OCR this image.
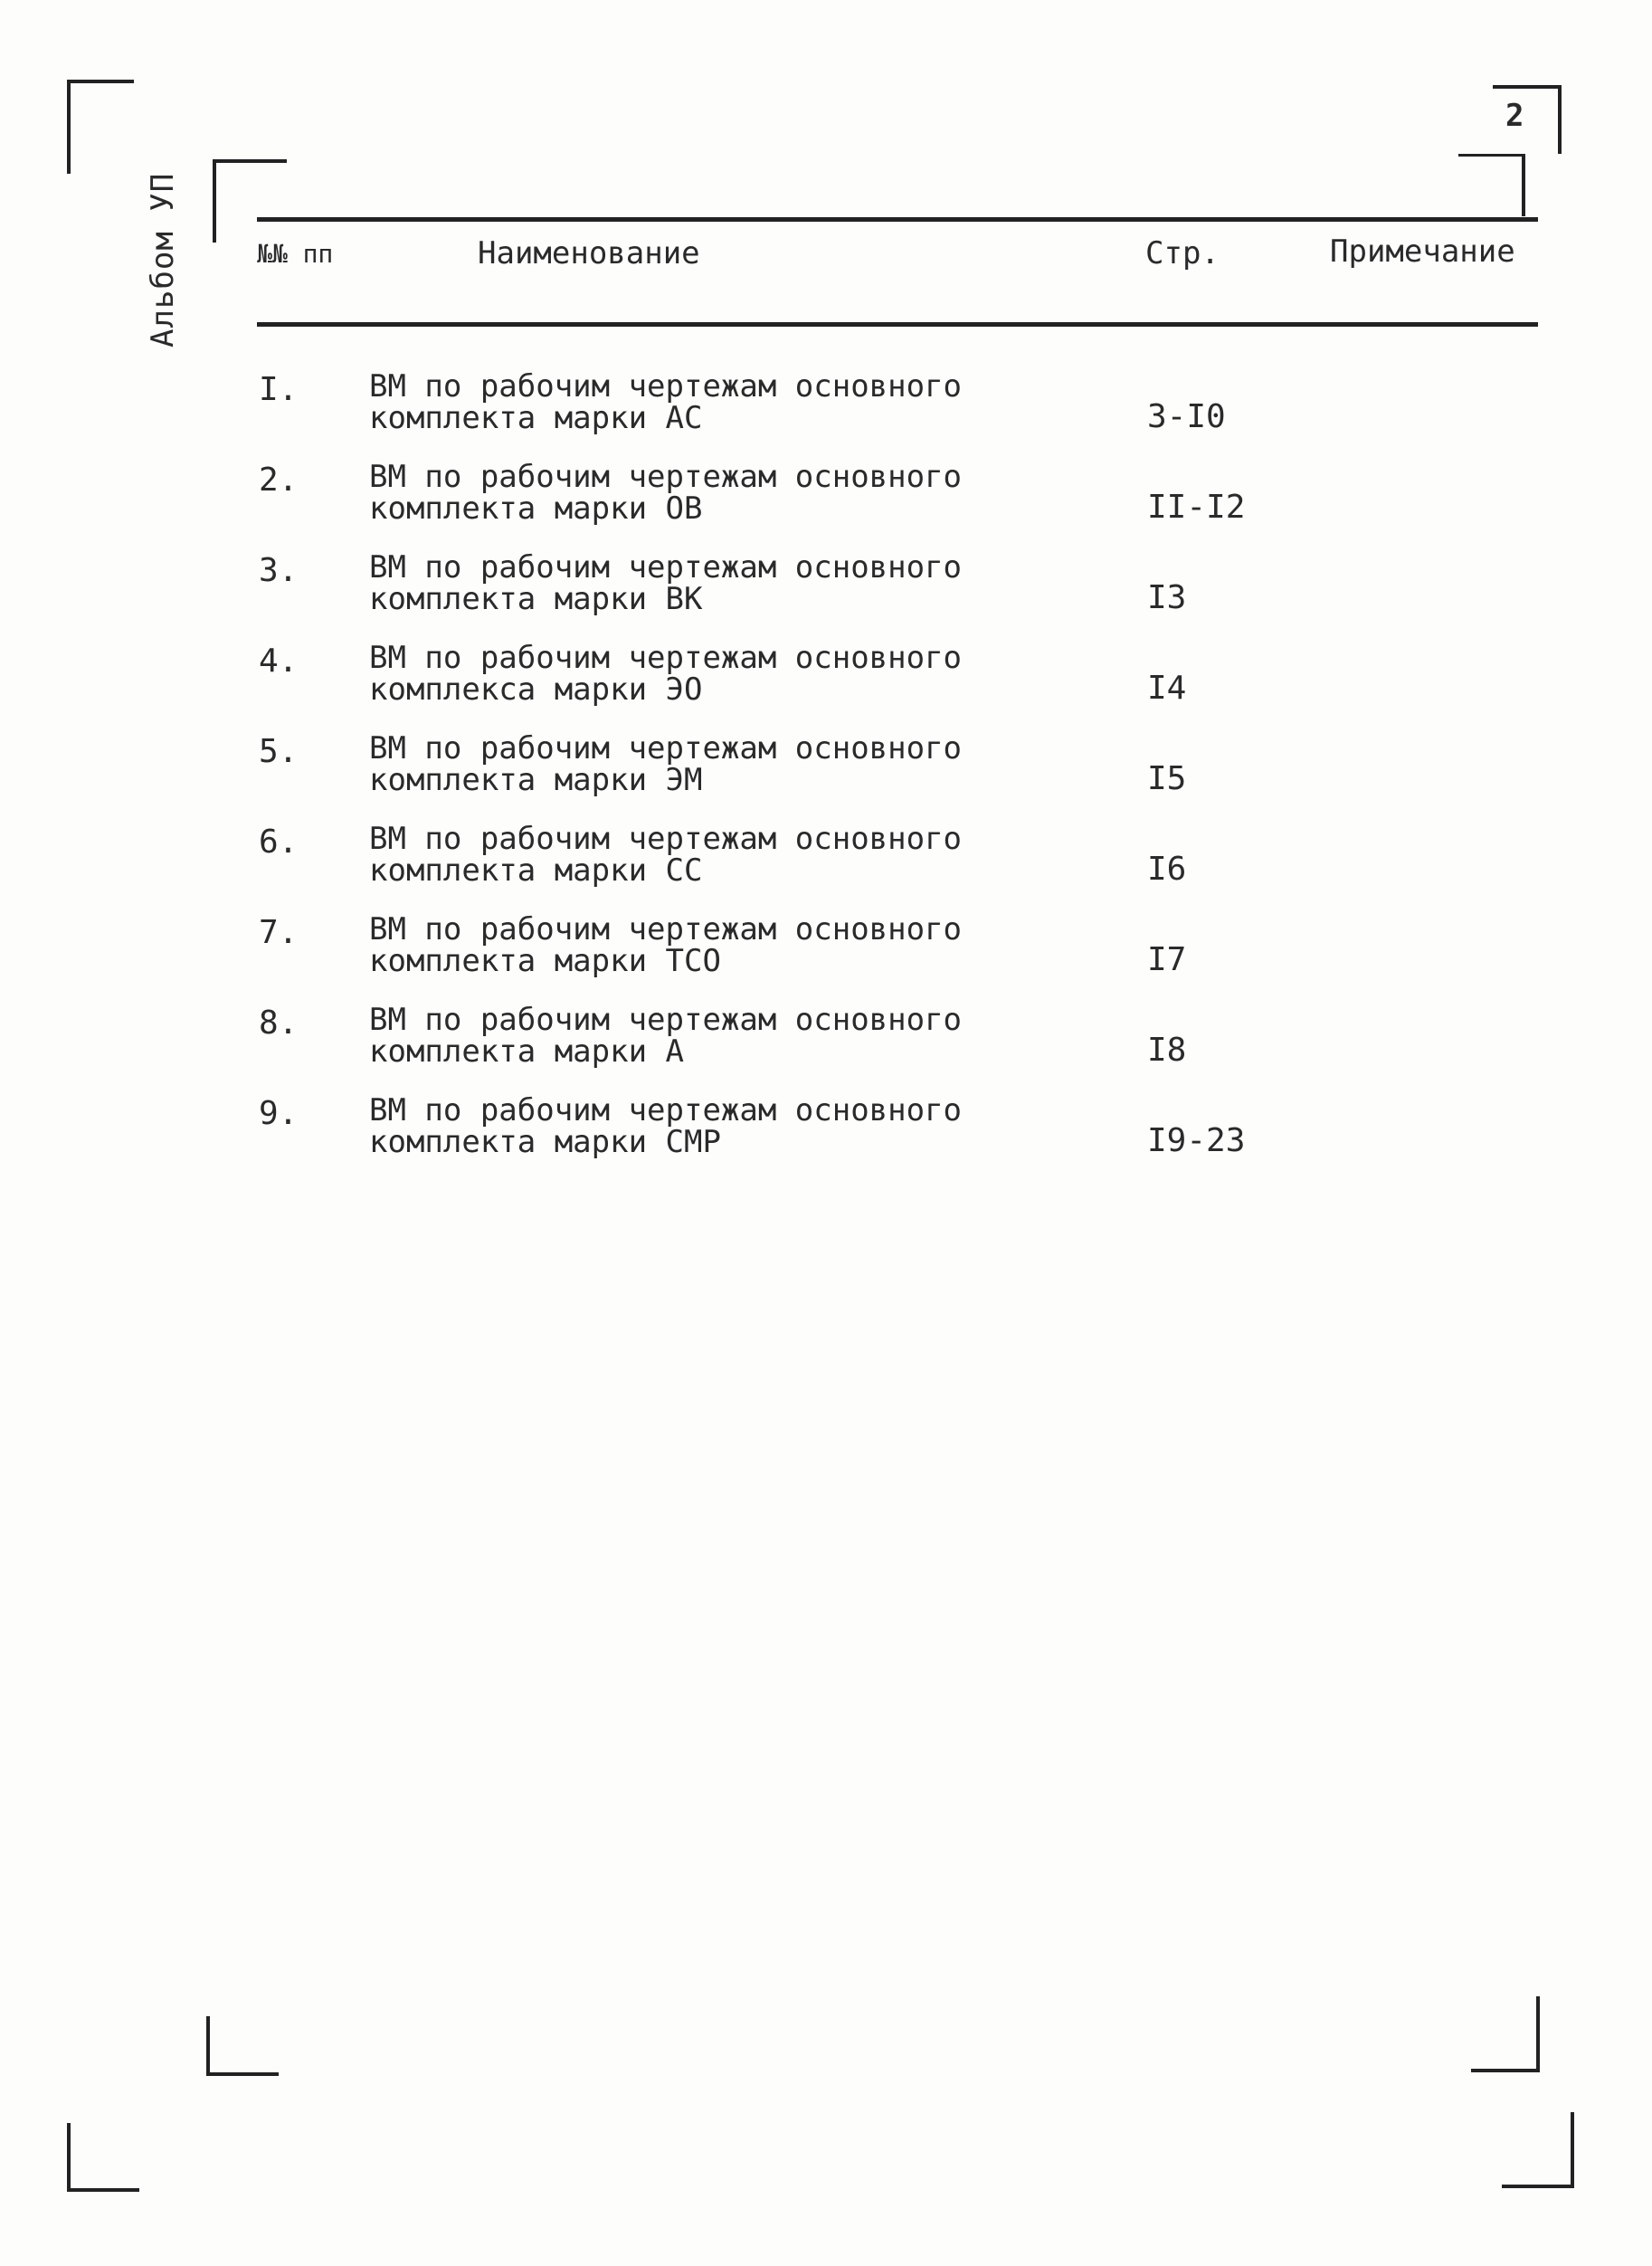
2
Альбом УП	№№ пп	Наименование	Стр.	Примечание
I. ВМ по рабочим чертежам основного
комплекта марки АС	3-I0
2. ВМ по рабочим чертежам основного
комплекта марки ОВ	II-I2
3. ВМ по рабочим чертежам основного
комплекта марки ВК	I3
4. ВМ по рабочим чертежам основного
комплекса марки ЭО	I4
5. ВМ по рабочим чертежам основного
комплекта марки ЭМ	I5
6. ВМ по рабочим чертежам основного
комплекта марки СС	I6
7. ВМ по рабочим чертежам основного
комплекта марки ТСО	I7
8. ВМ по рабочим чертежам основного
комплекта марки А	I8
9. ВМ по рабочим чертежам основного
комплекта марки СМР	I9-23
